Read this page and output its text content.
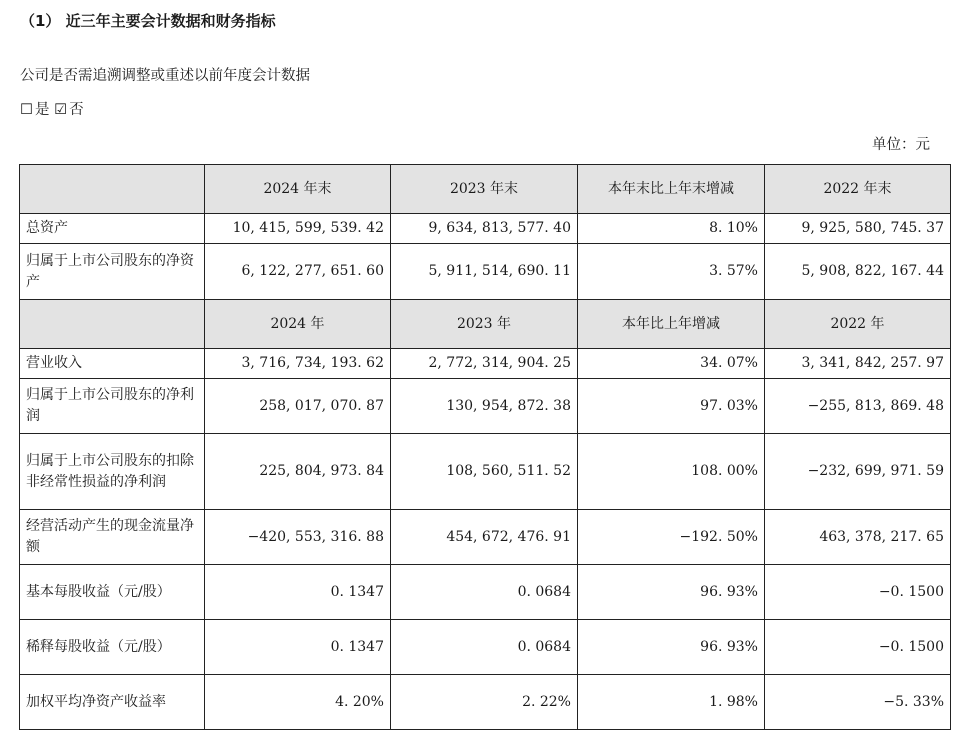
（1） 近三年主要会计数据和财务指标
公司是否需追溯调整或重述以前年度会计数据
☐ 是 ☑ 否
单位：元
	2024 年末	2023 年末	本年末比上年末增减	2022 年末
总资产	10, 415, 599, 539. 42	9, 634, 813, 577. 40	8. 10%	9, 925, 580, 745. 37
归属于上市公司股东的净资产	6, 122, 277, 651. 60	5, 911, 514, 690. 11	3. 57%	5, 908, 822, 167. 44
	2024 年	2023 年	本年比上年增减	2022 年
营业收入	3, 716, 734, 193. 62	2, 772, 314, 904. 25	34. 07%	3, 341, 842, 257. 97
归属于上市公司股东的净利润	258, 017, 070. 87	130, 954, 872. 38	97. 03%	−255, 813, 869. 48
归属于上市公司股东的扣除非经常性损益的净利润	225, 804, 973. 84	108, 560, 511. 52	108. 00%	−232, 699, 971. 59
经营活动产生的现金流量净额	−420, 553, 316. 88	454, 672, 476. 91	−192. 50%	463, 378, 217. 65
基本每股收益（元/股）	0. 1347	0. 0684	96. 93%	−0. 1500
稀释每股收益（元/股）	0. 1347	0. 0684	96. 93%	−0. 1500
加权平均净资产收益率	4. 20%	2. 22%	1. 98%	−5. 33%
